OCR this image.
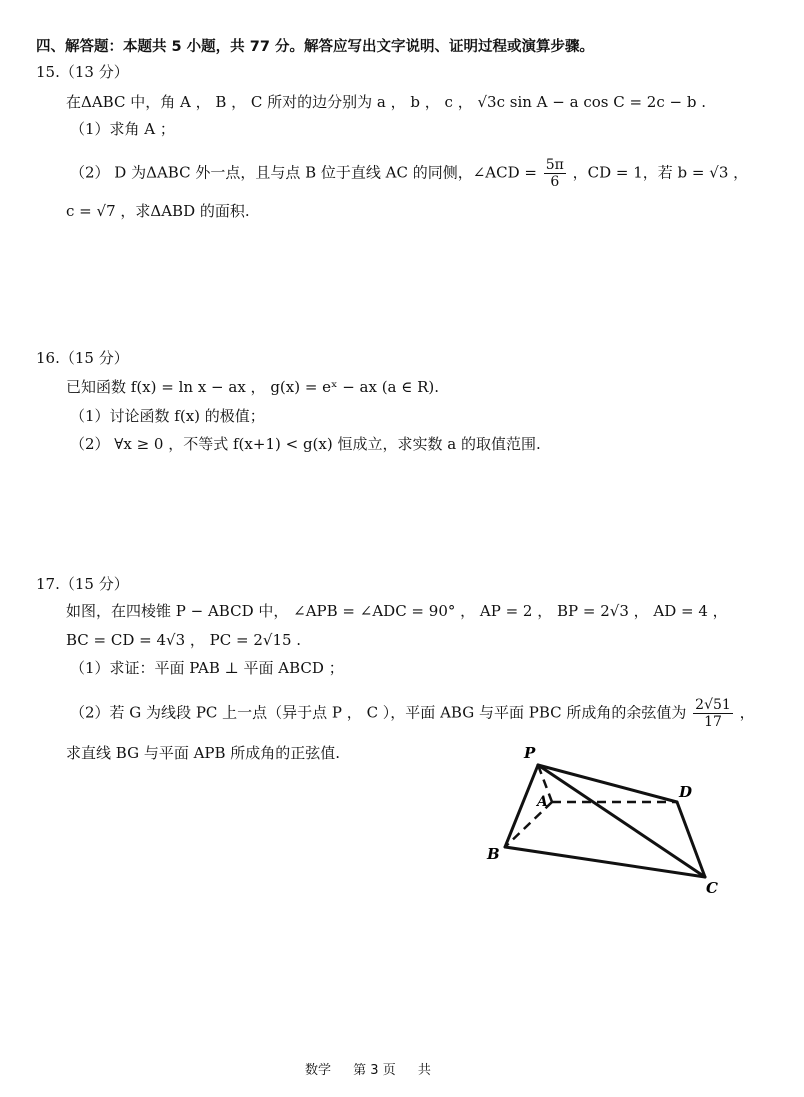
四、解答题：本题共 5 小题，共 77 分。解答应写出文字说明、证明过程或演算步骤。
15.（13 分）
在ΔABC 中，角 A ， B ， C 所对的边分别为 a ， b ， c ， √3c sin A − a cos C = 2c − b .
（1）求角 A ；
（2） D 为ΔABC 外一点，且与点 B 位于直线 AC 的同侧，∠ACD = $\frac{5\pi}{6}$ ，CD = 1，若 b = √3 ，
c = √7 ，求ΔABD 的面积.
16.（15 分）
已知函数 f(x) = ln x − ax ， g(x) = eˣ − ax (a ∈ R).
（1）讨论函数 f(x) 的极值；
（2） ∀x ≥ 0 ，不等式 f(x+1) < g(x) 恒成立，求实数 a 的取值范围.
17.（15 分）
如图，在四棱锥 P − ABCD 中， ∠APB = ∠ADC = 90° ， AP = 2 ， BP = 2√3 ， AD = 4 ，
BC = CD = 4√3 ， PC = 2√15 .
（1）求证：平面 PAB ⊥ 平面 ABCD ；
（2）若 G 为线段 PC 上一点（异于点 P ， C ），平面 ABG 与平面 PBC 所成角的余弦值为 $\frac{2√51}{17}$ ，
求直线 BG 与平面 APB 所成角的正弦值.	P
A
D
B
C
数学 第 3 页 共
